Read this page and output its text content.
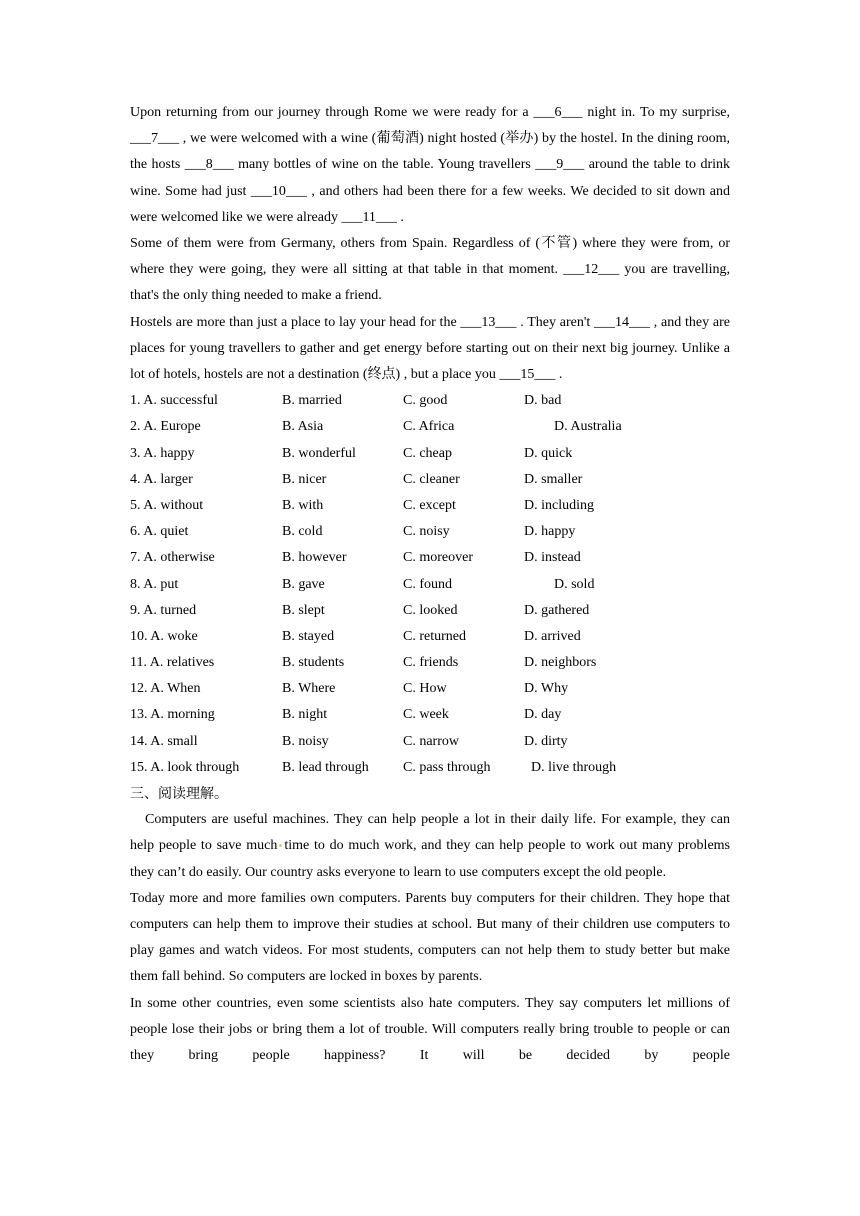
Upon returning from our journey through Rome we were ready for a ___6___ night in. To my surprise, ___7___ , we were welcomed with a wine (葡萄酒) night hosted (举办) by the hostel. In the dining room, the hosts ___8___ many bottles of wine on the table. Young travellers ___9___ around the table to drink wine. Some had just ___10___ , and others had been there for a few weeks. We decided to sit down and were welcomed like we were already ___11___ .

Some of them were from Germany, others from Spain. Regardless of (不管) where they were from, or where they were going, they were all sitting at that table in that moment. ___12___ you are travelling, that's the only thing needed to make a friend.

Hostels are more than just a place to lay your head for the ___13___ . They aren't ___14___ , and they are places for young travellers to gather and get energy before starting out on their next big journey. Unlike a lot of hotels, hostels are not a destination (终点) , but a place you ___15___ .

1. A. successful	B. married	C. good	D. bad
2. A. Europe	B. Asia	C. Africa	D. Australia
3. A. happy	B. wonderful	C. cheap	D. quick
4. A. larger	B. nicer	C. cleaner	D. smaller
5. A. without	B. with	C. except	D. including
6. A. quiet	B. cold	C. noisy	D. happy
7. A. otherwise	B. however	C. moreover	D. instead
8. A. put	B. gave	C. found	D. sold
9. A. turned	B. slept	C. looked	D. gathered
10. A. woke	B. stayed	C. returned	D. arrived
11. A. relatives	B. students	C. friends	D. neighbors
12. A. When	B. Where	C. How	D. Why
13. A. morning	B. night	C. week	D. day
14. A. small	B. noisy	C. narrow	D. dirty
15. A. look through	B. lead through C. pass through	D. live through

三、阅读理解。

Computers are useful machines. They can help people a lot in their daily life. For example, they can help people to save much time to do much work, and they can help people to work out many problems they can’t do easily. Our country asks everyone to learn to use computers except the old people.

Today more and more families own computers. Parents buy computers for their children. They hope that computers can help them to improve their studies at school. But many of their children use computers to play games and watch videos. For most students, computers can not help them to study better but make them fall behind. So computers are locked in boxes by parents.

In some other countries, even some scientists also hate computers. They say computers let millions of people lose their jobs or bring them a lot of trouble. Will computers really bring trouble to people or can they bring people happiness? It will be decided by people
